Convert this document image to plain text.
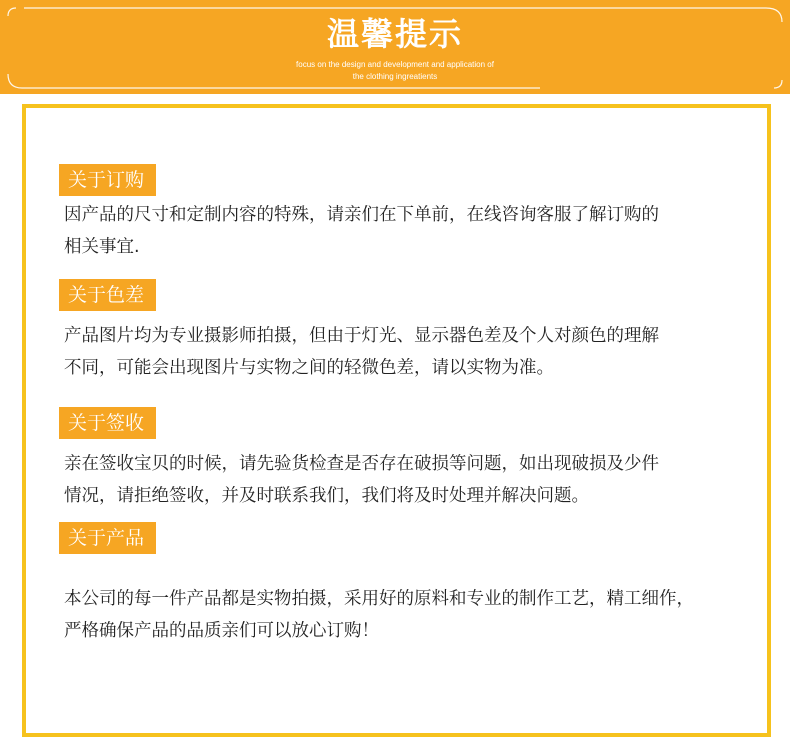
温馨提示
focus on the design and development and application of
the clothing ingreatients
关于订购
因产品的尺寸和定制内容的特殊，请亲们在下单前，在线咨询客服了解订购的
相关事宜.
关于色差
产品图片均为专业摄影师拍摄，但由于灯光、显示器色差及个人对颜色的理解
不同，可能会出现图片与实物之间的轻微色差，请以实物为准。
关于签收
亲在签收宝贝的时候，请先验货检查是否存在破损等问题，如出现破损及少件
情况，请拒绝签收，并及时联系我们，我们将及时处理并解决问题。
关于产品
本公司的每一件产品都是实物拍摄，采用好的原料和专业的制作工艺，精工细作，
严格确保产品的品质亲们可以放心订购！
